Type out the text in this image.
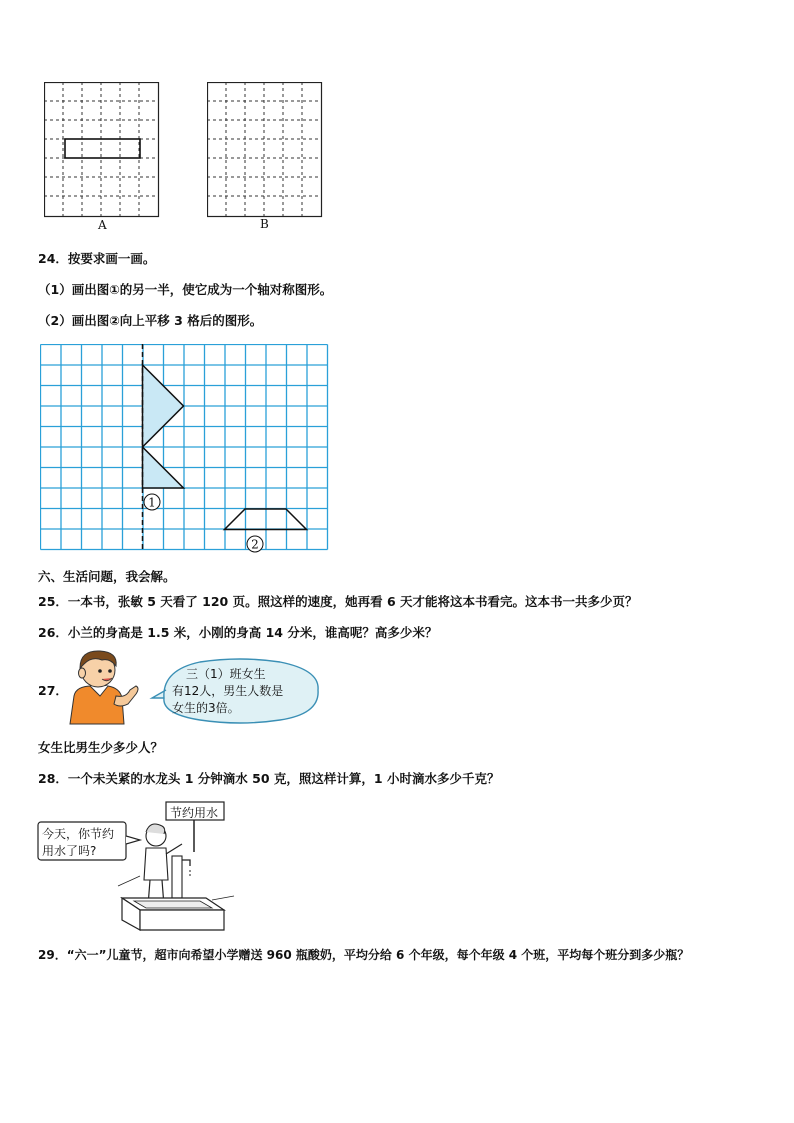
A	B
24．按要求画一画。
（1）画出图①的另一半，使它成为一个轴对称图形。
（2）画出图②向上平移 3 格后的图形。
1
2
六、生活问题，我会解。
25．一本书，张敏 5 天看了 120 页。照这样的速度，她再看 6 天才能将这本书看完。这本书一共多少页？
26．小兰的身高是 1.5 米，小刚的身高 14 分米，谁高呢？高多少米？
27．
三（1）班女生
有12人，男生人数是
女生的3倍。
女生比男生少多少人？
28．一个未关紧的水龙头 1 分钟滴水 50 克，照这样计算，1 小时滴水多少千克？
节约用水
今天，你节约
用水了吗?
29．“六一”儿童节，超市向希望小学赠送 960 瓶酸奶，平均分给 6 个年级，每个年级 4 个班，平均每个班分到多少瓶？
